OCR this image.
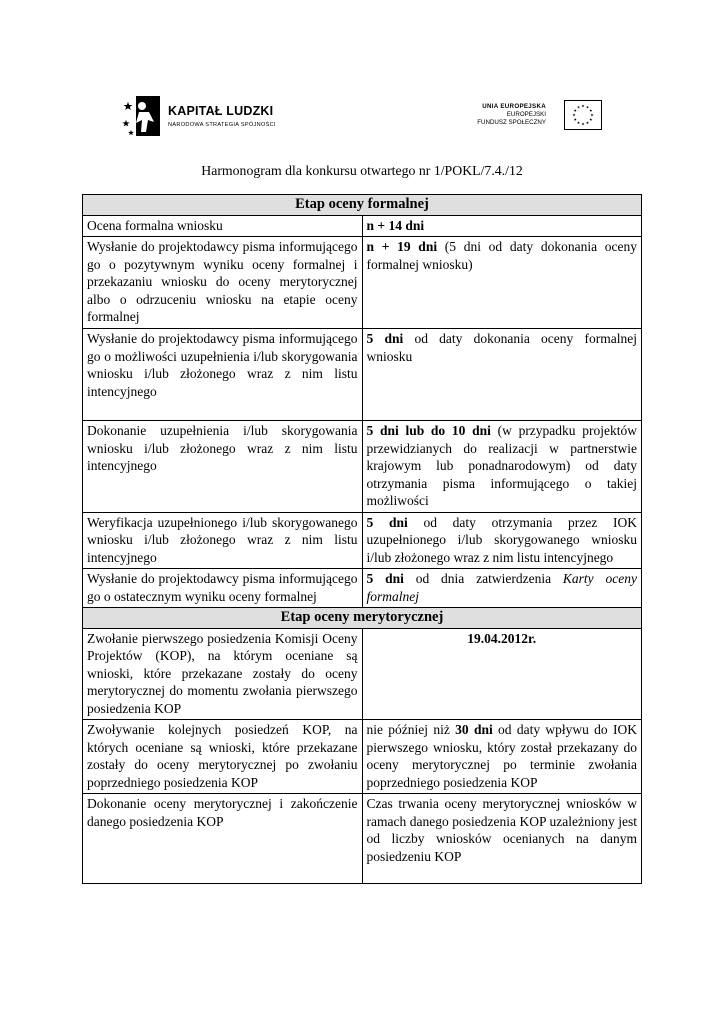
KAPITAŁ LUDZKI
NARODOWA STRATEGIA SPÓJNOŚCI
UNIA EUROPEJSKA
EUROPEJSKI
FUNDUSZ SPOŁECZNY
Harmonogram dla konkursu otwartego nr 1/POKL/7.4./12
Etap oceny formalnej	
Ocena formalna wniosku	n + 14 dni
Wysłanie do projektodawcy pisma informującego go o pozytywnym wyniku oceny formalnej i przekazaniu wniosku do oceny merytorycznej albo o odrzuceniu wniosku na etapie oceny formalnej	n + 19 dni (5 dni od daty dokonania oceny formalnej wniosku)
Wysłanie do projektodawcy pisma informującego go o możliwości uzupełnienia i/lub skorygowania wniosku i/lub złożonego wraz z nim listu intencyjnego	5 dni od daty dokonania oceny formalnej wniosku
Dokonanie uzupełnienia i/lub skorygowania wniosku i/lub złożonego wraz z nim listu intencyjnego	5 dni lub do 10 dni (w przypadku projektów przewidzianych do realizacji w partnerstwie krajowym lub ponadnarodowym) od daty otrzymania pisma informującego o takiej możliwości
Weryfikacja uzupełnionego i/lub skorygowanego wniosku i/lub złożonego wraz z nim listu intencyjnego	5 dni od daty otrzymania przez IOK uzupełnionego i/lub skorygowanego wniosku i/lub złożonego wraz z nim listu intencyjnego
Wysłanie do projektodawcy pisma informującego go o ostatecznym wyniku oceny formalnej	5 dni od dnia zatwierdzenia Karty oceny formalnej
Etap oceny merytorycznej	
Zwołanie pierwszego posiedzenia Komisji Oceny Projektów (KOP), na którym oceniane są wnioski, które przekazane zostały do oceny merytorycznej do momentu zwołania pierwszego posiedzenia KOP	19.04.2012r.
Zwoływanie kolejnych posiedzeń KOP, na których oceniane są wnioski, które przekazane zostały do oceny merytorycznej po zwołaniu poprzedniego posiedzenia KOP	nie później niż 30 dni od daty wpływu do IOK pierwszego wniosku, który został przekazany do oceny merytorycznej po terminie zwołania poprzedniego posiedzenia KOP
Dokonanie oceny merytorycznej i zakończenie danego posiedzenia KOP	Czas trwania oceny merytorycznej wniosków w ramach danego posiedzenia KOP uzależniony jest od liczby wniosków ocenianych na danym posiedzeniu KOP
